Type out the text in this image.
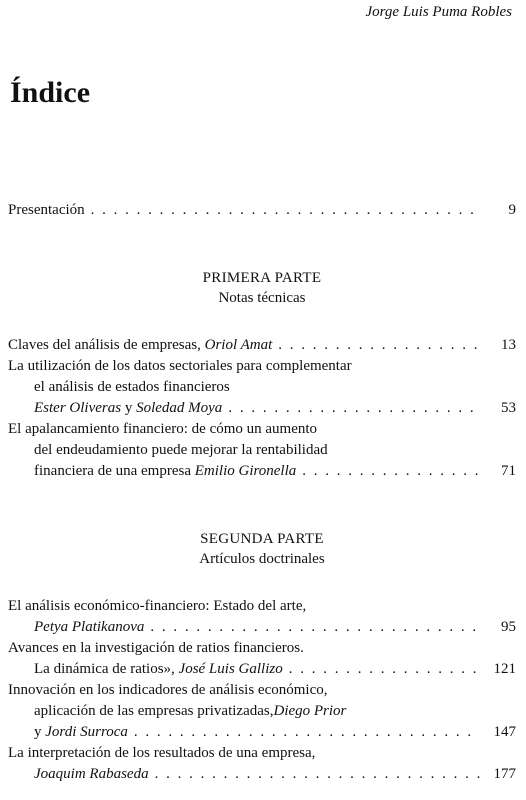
Jorge Luis Puma Robles
Índice
Presentación . . .	9
PRIMERA PARTE
Notas técnicas
Claves del análisis de empresas, Oriol Amat . . .	13
La utilización de los datos sectoriales para complementar
el análisis de estados financieros
Ester Oliveras y Soledad Moya . . .	53
El apalancamiento financiero: de cómo un aumento
del endeudamiento puede mejorar la rentabilidad
financiera de una empresa Emilio Gironella . . .	71
SEGUNDA PARTE
Artículos doctrinales
El análisis económico-financiero: Estado del arte,
Petya Platikanova . . .	95
Avances en la investigación de ratios financieros.
La dinámica de ratios», José Luis Gallizo . . .	121
Innovación en los indicadores de análisis económico,
aplicación de las empresas privatizadas, Diego Prior
y Jordi Surroca . . .	147
La interpretación de los resultados de una empresa,
Joaquim Rabaseda . . .	177
